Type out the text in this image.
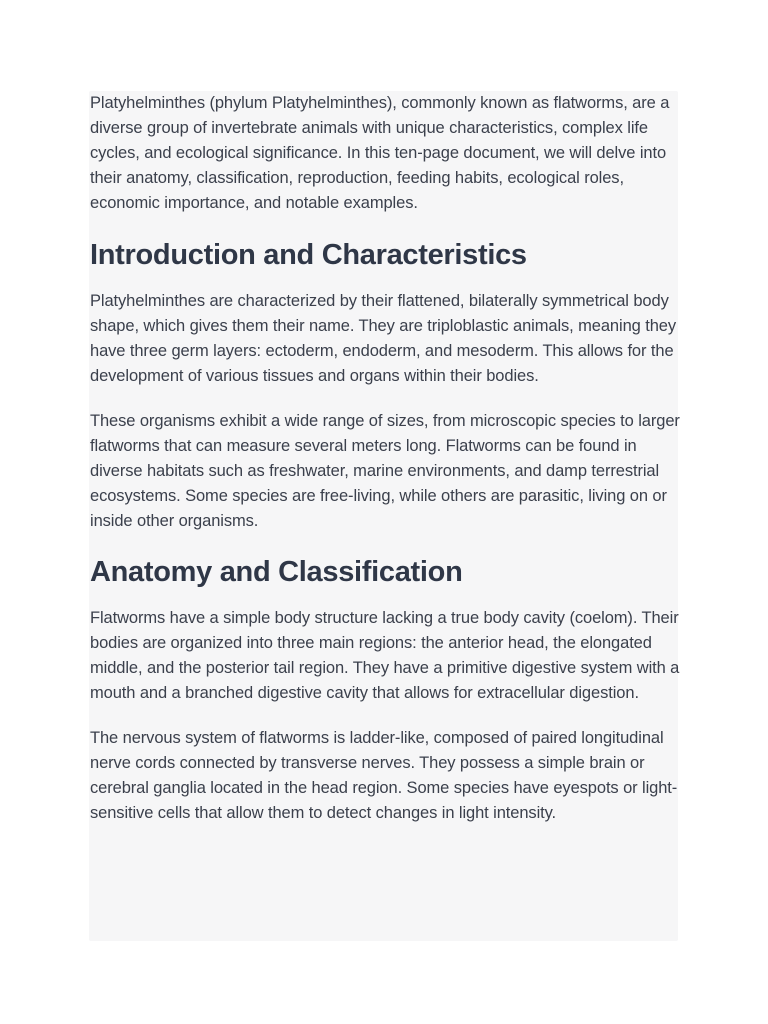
Platyhelminthes (phylum Platyhelminthes), commonly known as flatworms, are a diverse group of invertebrate animals with unique characteristics, complex life cycles, and ecological significance. In this ten-page document, we will delve into their anatomy, classification, reproduction, feeding habits, ecological roles, economic importance, and notable examples.

Introduction and Characteristics

Platyhelminthes are characterized by their flattened, bilaterally symmetrical body shape, which gives them their name. They are triploblastic animals, meaning they have three germ layers: ectoderm, endoderm, and mesoderm. This allows for the development of various tissues and organs within their bodies.

These organisms exhibit a wide range of sizes, from microscopic species to larger flatworms that can measure several meters long. Flatworms can be found in diverse habitats such as freshwater, marine environments, and damp terrestrial ecosystems. Some species are free-living, while others are parasitic, living on or inside other organisms.

Anatomy and Classification

Flatworms have a simple body structure lacking a true body cavity (coelom). Their bodies are organized into three main regions: the anterior head, the elongated middle, and the posterior tail region. They have a primitive digestive system with a mouth and a branched digestive cavity that allows for extracellular digestion.

The nervous system of flatworms is ladder-like, composed of paired longitudinal nerve cords connected by transverse nerves. They possess a simple brain or cerebral ganglia located in the head region. Some species have eyespots or light-sensitive cells that allow them to detect changes in light intensity.
